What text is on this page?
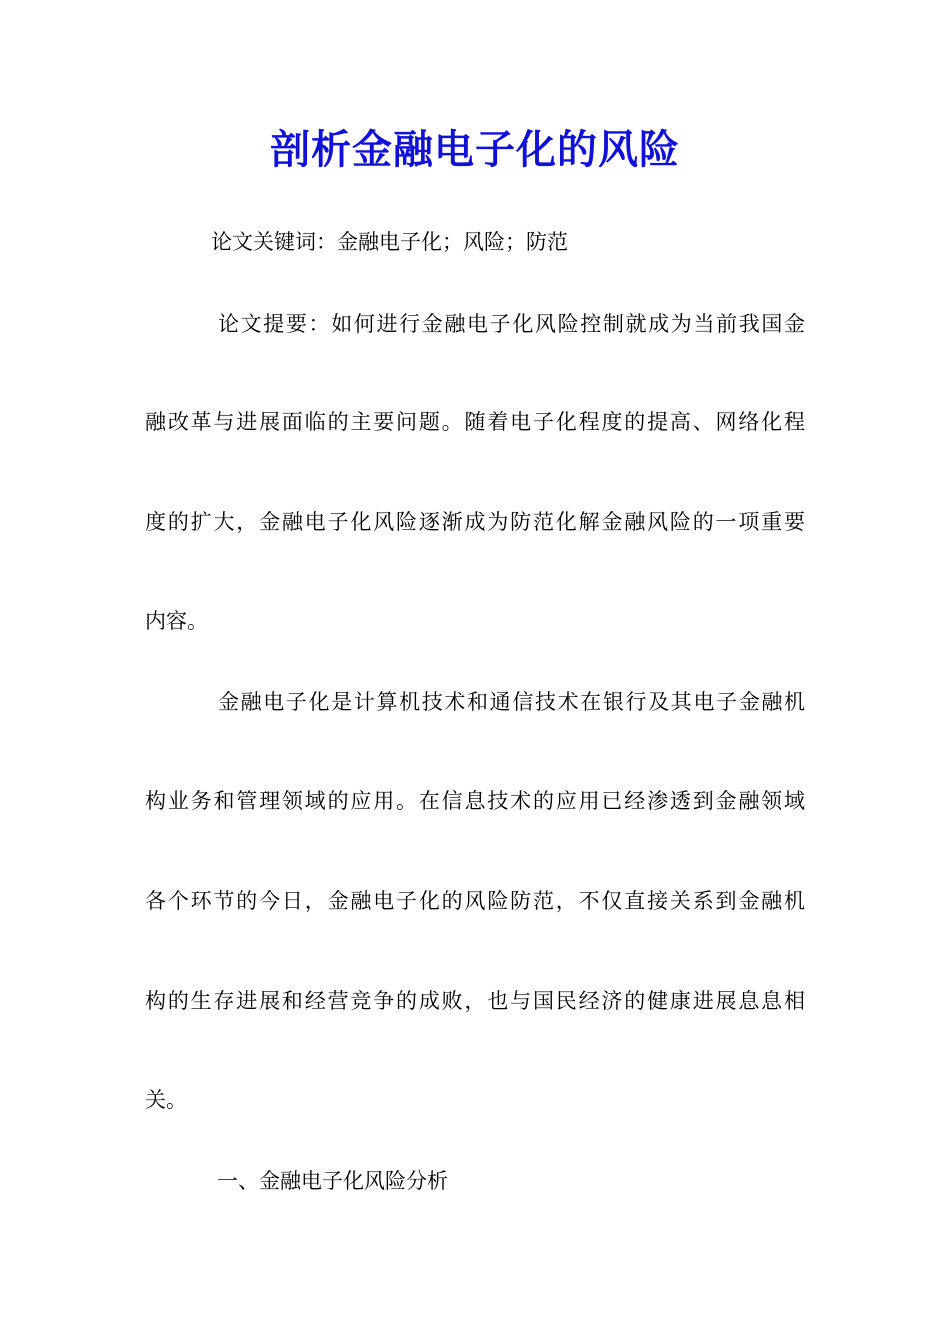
剖析金融电子化的风险
论文关键词：金融电子化；风险；防范
论文提要：如何进行金融电子化风险控制就成为当前我国金
融改革与进展面临的主要问题。随着电子化程度的提高、网络化程
度的扩大，金融电子化风险逐渐成为防范化解金融风险的一项重要
内容。
金融电子化是计算机技术和通信技术在银行及其电子金融机
构业务和管理领域的应用。在信息技术的应用已经渗透到金融领域
各个环节的今日，金融电子化的风险防范，不仅直接关系到金融机
构的生存进展和经营竞争的成败，也与国民经济的健康进展息息相
关。
一、金融电子化风险分析
